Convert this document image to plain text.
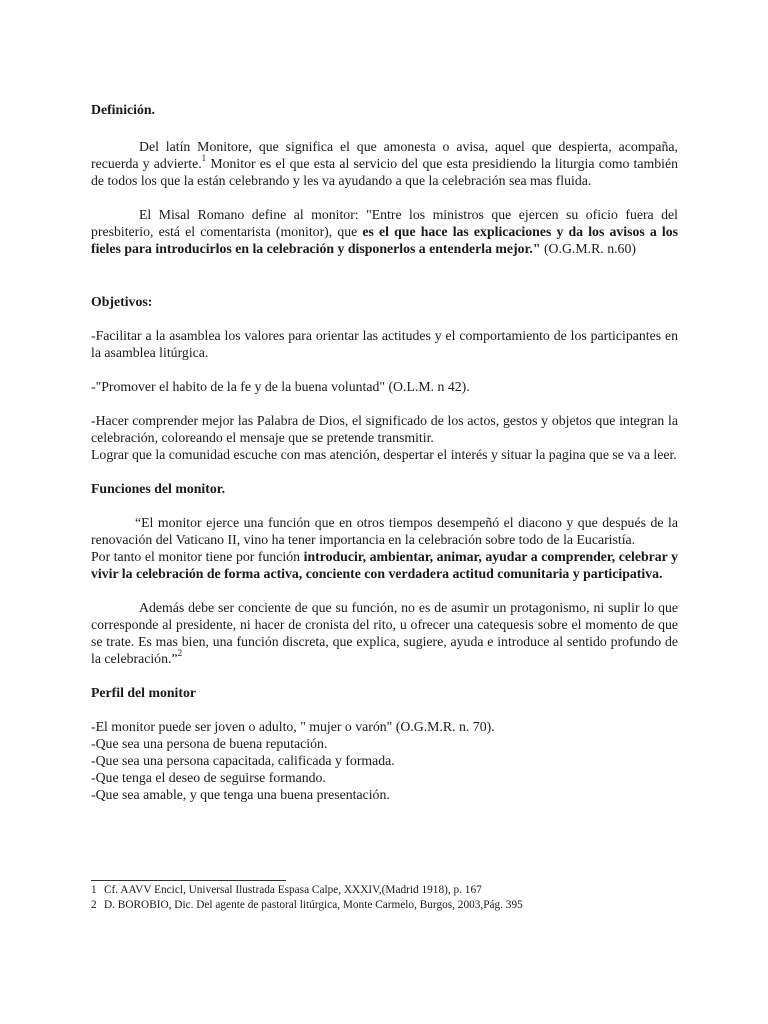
Definición.

Del latín Monitore, que significa el que amonesta o avisa, aquel que despierta, acompaña, recuerda y advierte.$^1$ Monitor es el que esta al servicio del que esta presidiendo la liturgia como también de todos los que la están celebrando y les va ayudando a que la celebración sea mas fluida.

El Misal Romano define al monitor: "Entre los ministros que ejercen su oficio fuera del presbiterio, está el comentarista (monitor), que es el que hace las explicaciones y da los avisos a los fieles para introducirlos en la celebración y disponerlos a entenderla mejor." (O.G.M.R. n.60)

Objetivos:

-Facilitar a la asamblea los valores para orientar las actitudes y el comportamiento de los participantes en la asamblea litúrgica.

-"Promover el habito de la fe y de la buena voluntad" (O.L.M. n 42).

-Hacer comprender mejor las Palabra de Dios, el significado de los actos, gestos y objetos que integran la celebración, coloreando el mensaje que se pretende transmitir.

Lograr que la comunidad escuche con mas atención, despertar el interés y situar la pagina que se va a leer.

Funciones del monitor.

“El monitor ejerce una función que en otros tiempos desempeñó el diacono y que después de la renovación del Vaticano II, vino ha tener importancia en la celebración sobre todo de la Eucaristía.

Por tanto el monitor tiene por función introducir, ambientar, animar, ayudar a comprender, celebrar y vivir la celebración de forma activa, conciente con verdadera actitud comunitaria y participativa.

Además debe ser conciente de que su función, no es de asumir un protagonismo, ni suplir lo que corresponde al presidente, ni hacer de cronista del rito, u ofrecer una catequesis sobre el momento de que se trate. Es mas bien, una función discreta, que explica, sugiere, ayuda e introduce al sentido profundo de la celebración.”$^2$

Perfil del monitor

-El monitor puede ser joven o adulto, " mujer o varón" (O.G.M.R. n. 70).

-Que sea una persona de buena reputación.

-Que sea una persona capacitada, calificada y formada.

-Que tenga el deseo de seguirse formando.

-Que sea amable, y que tenga una buena presentación.

1 Cf. AAVV Encicl, Universal Ilustrada Espasa Calpe, XXXIV,(Madrid 1918), p. 167
2 D. BOROBIO, Dic. Del agente de pastoral litúrgica, Monte Carmelo, Burgos, 2003,Pág. 395
